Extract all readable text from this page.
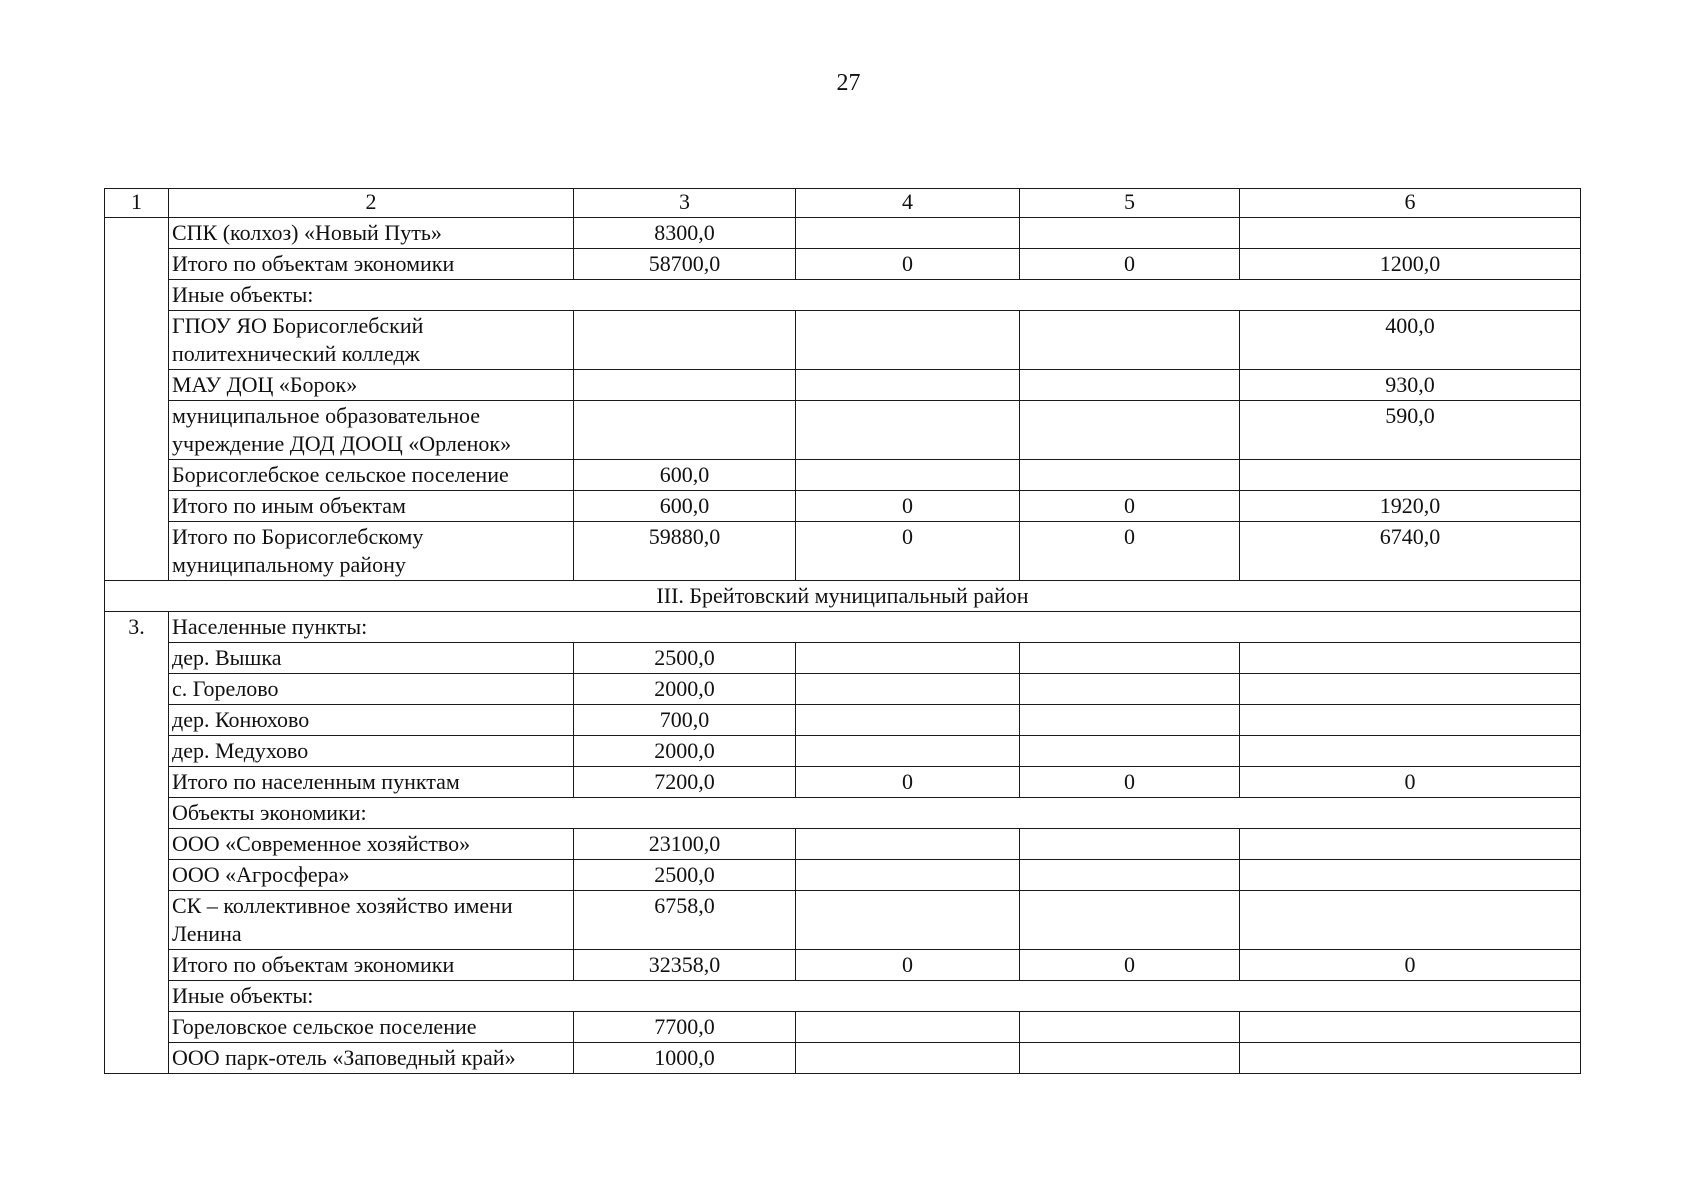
27
1	2	3	4	5	6
	СПК (колхоз) «Новый Путь»	8300,0			
	Итого по объектам экономики	58700,0	0	0	1200,0
	Иные объекты:				
	ГПОУ ЯО Борисоглебский политехнический колледж				400,0
	МАУ ДОЦ «Борок»				930,0
	муниципальное образовательное учреждение ДОД ДООЦ «Орленок»				590,0
	Борисоглебское сельское поселение	600,0			
	Итого по иным объектам	600,0	0	0	1920,0
	Итого по Борисоглебскому муниципальному району	59880,0	0	0	6740,0
III. Брейтовский муниципальный район					
3.	Населенные пункты:				
	дер. Вышка	2500,0			
	с. Горелово	2000,0			
	дер. Конюхово	700,0			
	дер. Медухово	2000,0			
	Итого по населенным пунктам	7200,0	0	0	0
	Объекты экономики:				
	ООО «Современное хозяйство»	23100,0			
	ООО «Агросфера»	2500,0			
	СК – коллективное хозяйство имени Ленина	6758,0			
	Итого по объектам экономики	32358,0	0	0	0
	Иные объекты:				
	Гореловское сельское поселение	7700,0			
	ООО парк-отель «Заповедный край»	1000,0			
